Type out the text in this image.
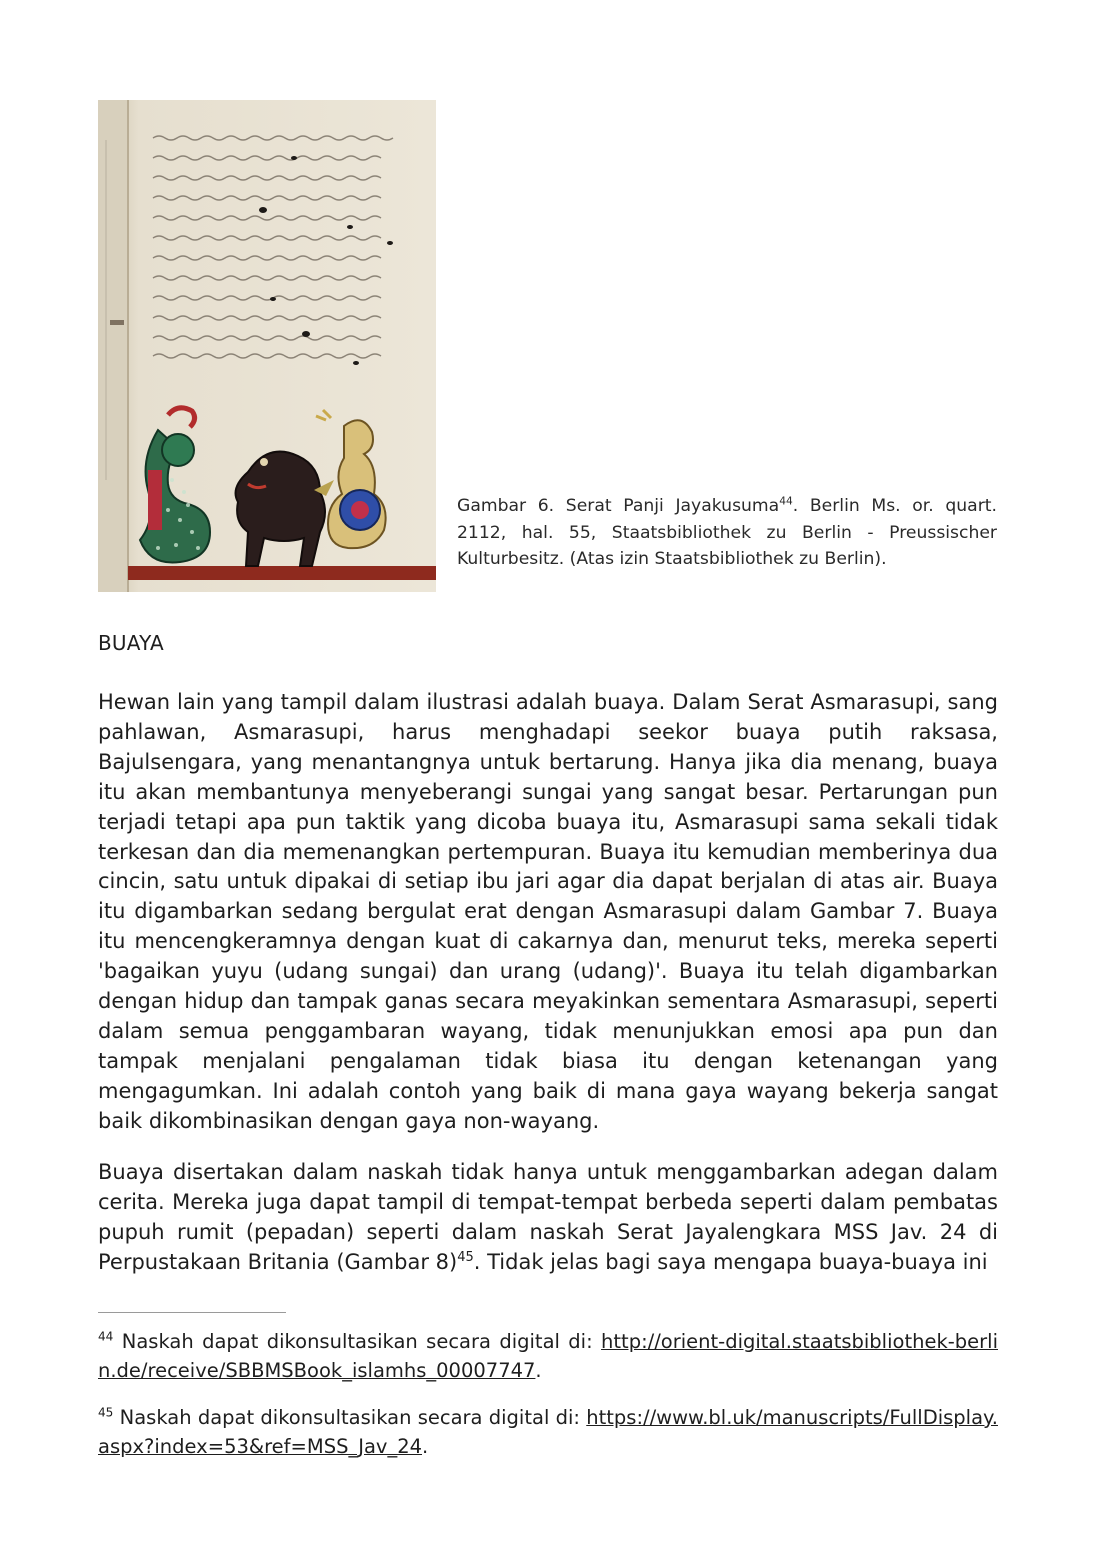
Gambar 6. Serat Panji Jayakusuma$^{44}$. Berlin Ms. or. quart. 2112, hal. 55, Staatsbibliothek zu Berlin - Preussischer Kulturbesitz. (Atas izin Staatsbibliothek zu Berlin).
BUAYA

Hewan lain yang tampil dalam ilustrasi adalah buaya. Dalam Serat Asmarasupi, sang pahlawan, Asmarasupi, harus menghadapi seekor buaya putih raksasa, Bajulsengara, yang menantangnya untuk bertarung. Hanya jika dia menang, buaya itu akan membantunya menyeberangi sungai yang sangat besar. Pertarungan pun terjadi tetapi apa pun taktik yang dicoba buaya itu, Asmarasupi sama sekali tidak terkesan dan dia memenangkan pertempuran. Buaya itu kemudian memberinya dua cincin, satu untuk dipakai di setiap ibu jari agar dia dapat berjalan di atas air. Buaya itu digambarkan sedang bergulat erat dengan Asmarasupi dalam Gambar 7. Buaya itu mencengkeramnya dengan kuat di cakarnya dan, menurut teks, mereka seperti 'bagaikan yuyu (udang sungai) dan urang (udang)'. Buaya itu telah digambarkan dengan hidup dan tampak ganas secara meyakinkan sementara Asmarasupi, seperti dalam semua penggambaran wayang, tidak menunjukkan emosi apa pun dan tampak menjalani pengalaman tidak biasa itu dengan ketenangan yang mengagumkan. Ini adalah contoh yang baik di mana gaya wayang bekerja sangat baik dikombinasikan dengan gaya non-wayang.

Buaya disertakan dalam naskah tidak hanya untuk menggambarkan adegan dalam cerita. Mereka juga dapat tampil di tempat-tempat berbeda seperti dalam pembatas pupuh rumit (pepadan) seperti dalam naskah Serat Jayalengkara MSS Jav. 24 di Perpustakaan Britania (Gambar 8)$^{45}$. Tidak jelas bagi saya mengapa buaya-buaya ini

$^{44}$ Naskah dapat dikonsultasikan secara digital di: http://orient-digital.staatsbibliothek-berlin.de/receive/SBBMSBook_islamhs_00007747.

$^{45}$ Naskah dapat dikonsultasikan secara digital di: https://www.bl.uk/manuscripts/FullDisplay.aspx?index=53&ref=MSS_Jav_24.
